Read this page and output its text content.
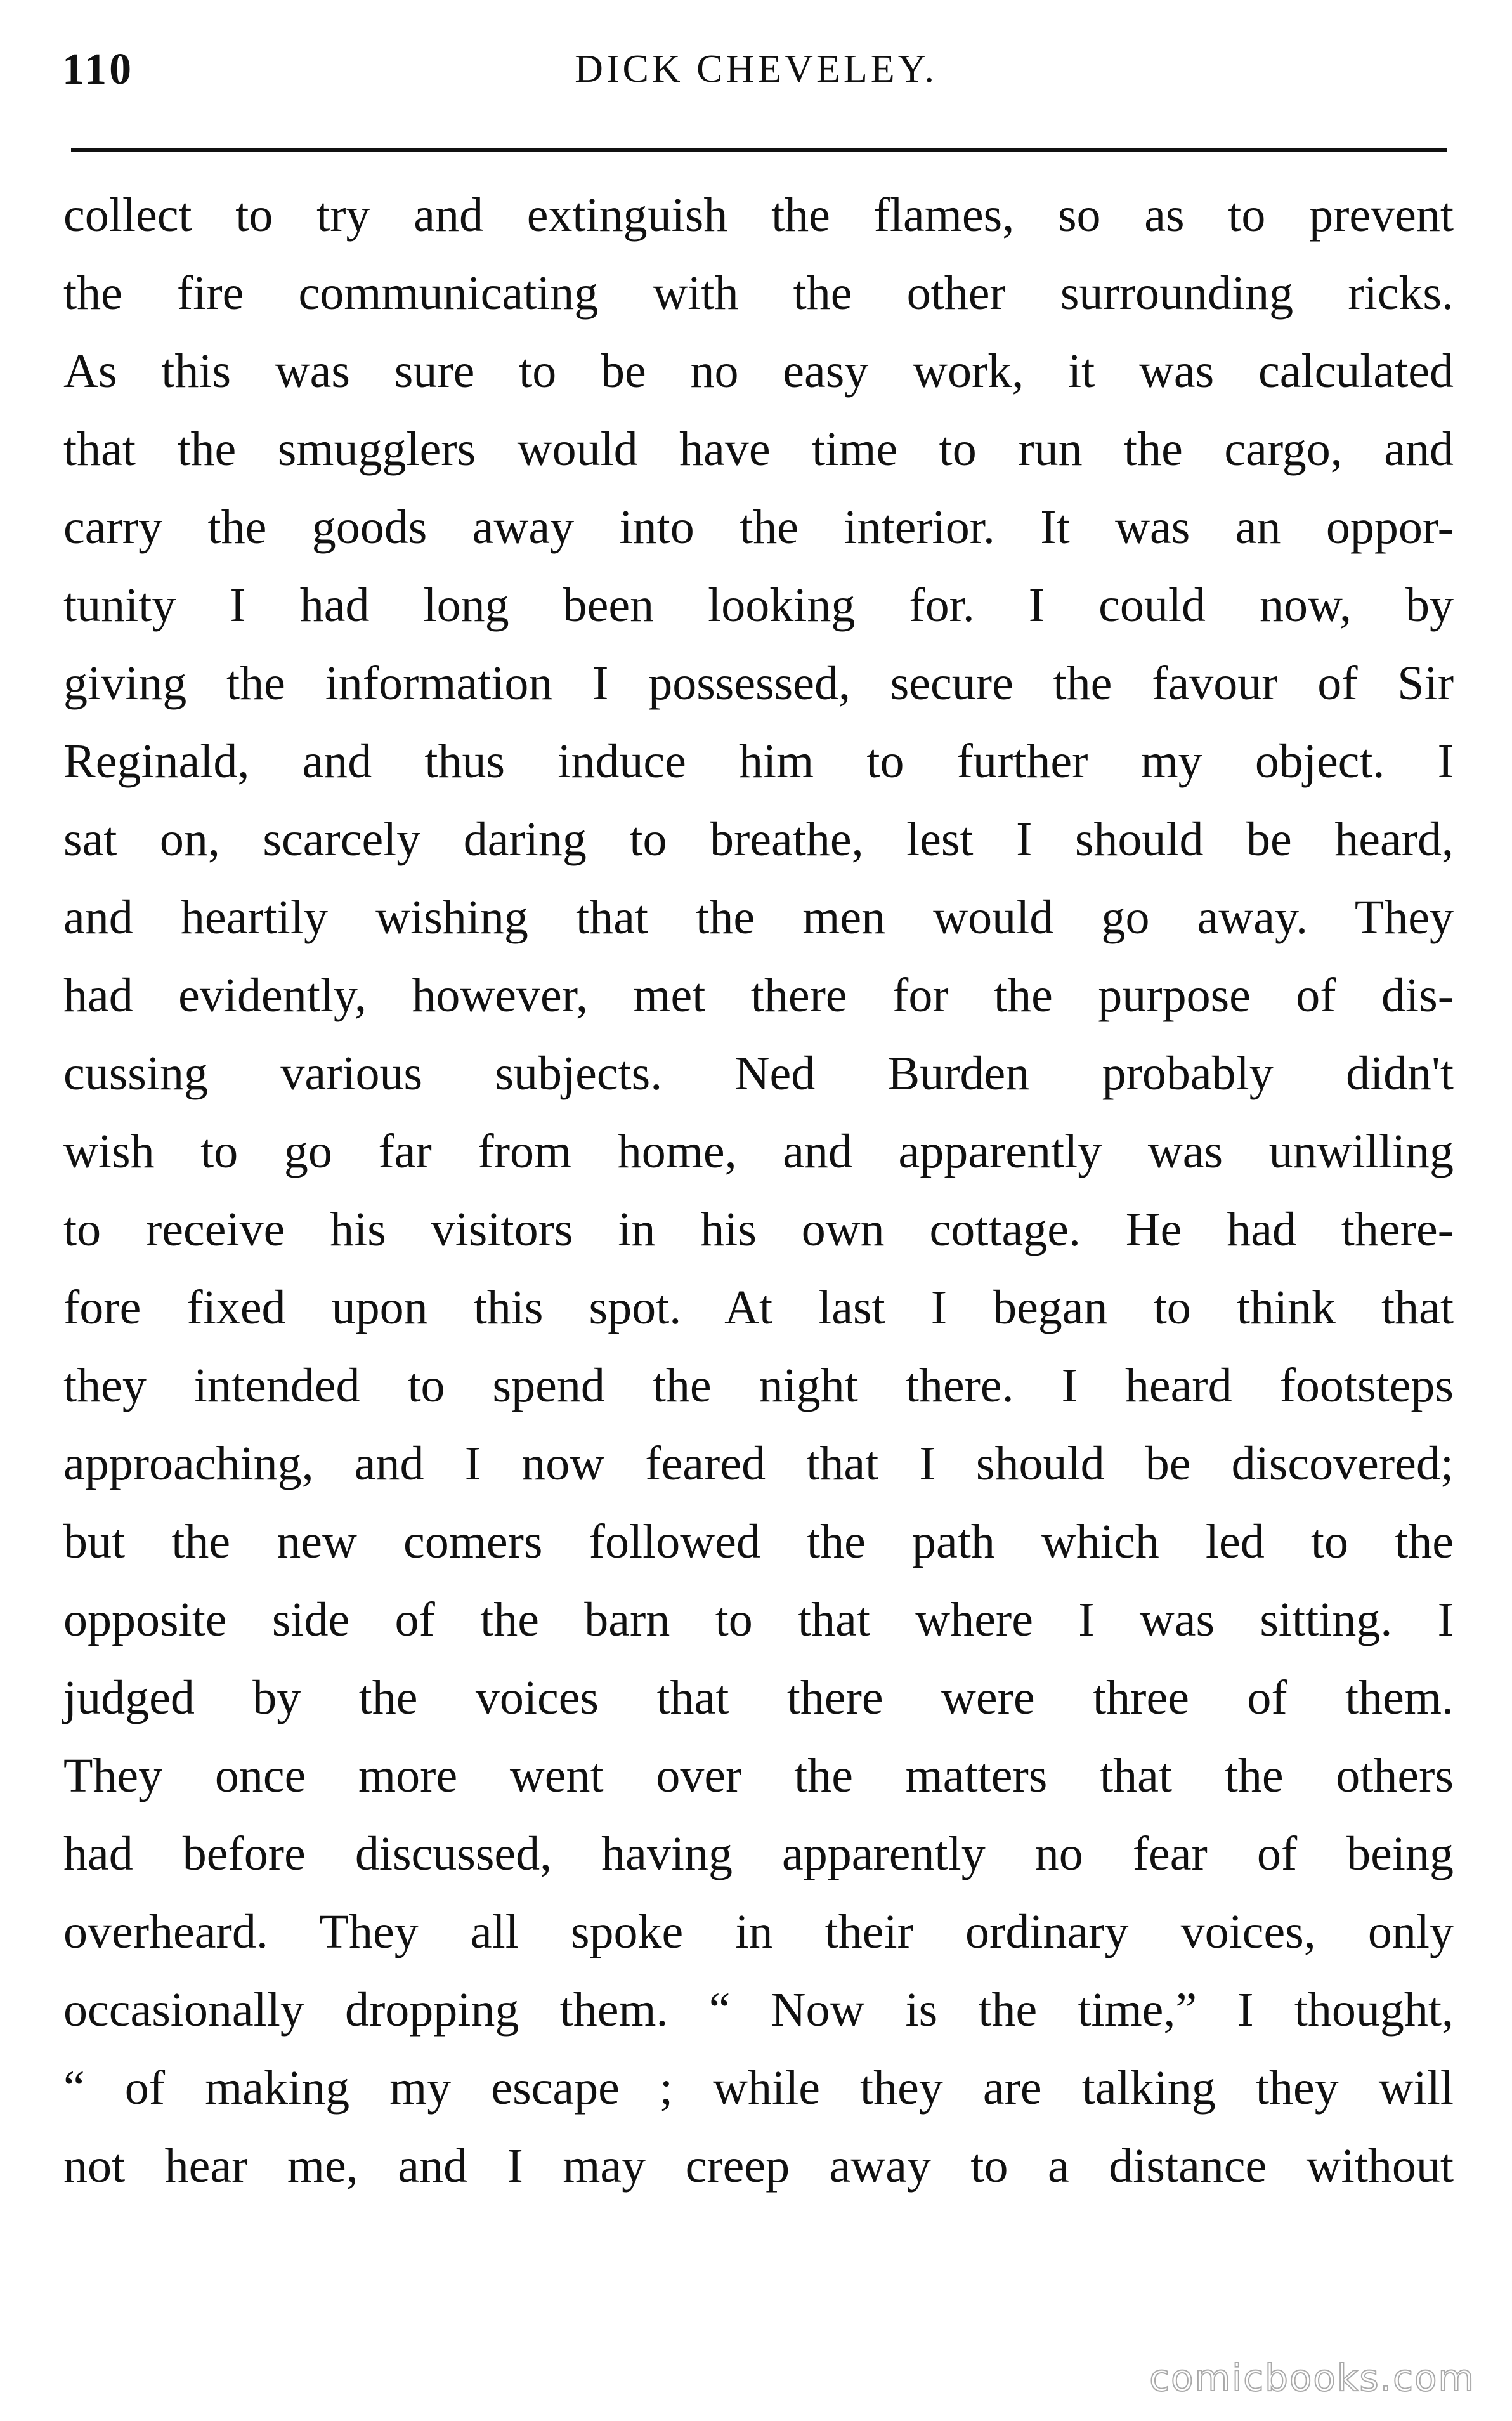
110	DICK CHEVELEY.
collect to try and extinguish the flames, so as to prevent
the fire communicating with the other surrounding ricks.
As this was sure to be no easy work, it was calculated
that the smugglers would have time to run the cargo, and
carry the goods away into the interior. It was an oppor-
tunity I had long been looking for. I could now, by
giving the information I possessed, secure the favour of Sir
Reginald, and thus induce him to further my object. I
sat on, scarcely daring to breathe, lest I should be heard,
and heartily wishing that the men would go away. They
had evidently, however, met there for the purpose of dis-
cussing various subjects. Ned Burden probably didn't
wish to go far from home, and apparently was unwilling
to receive his visitors in his own cottage. He had there-
fore fixed upon this spot. At last I began to think that
they intended to spend the night there. I heard footsteps
approaching, and I now feared that I should be discovered;
but the new comers followed the path which led to the
opposite side of the barn to that where I was sitting. I
judged by the voices that there were three of them.
They once more went over the matters that the others
had before discussed, having apparently no fear of being
overheard. They all spoke in their ordinary voices, only
occasionally dropping them. “ Now is the time,” I thought,
“ of making my escape ; while they are talking they will
not hear me, and I may creep away to a distance without
comicbooks.com
